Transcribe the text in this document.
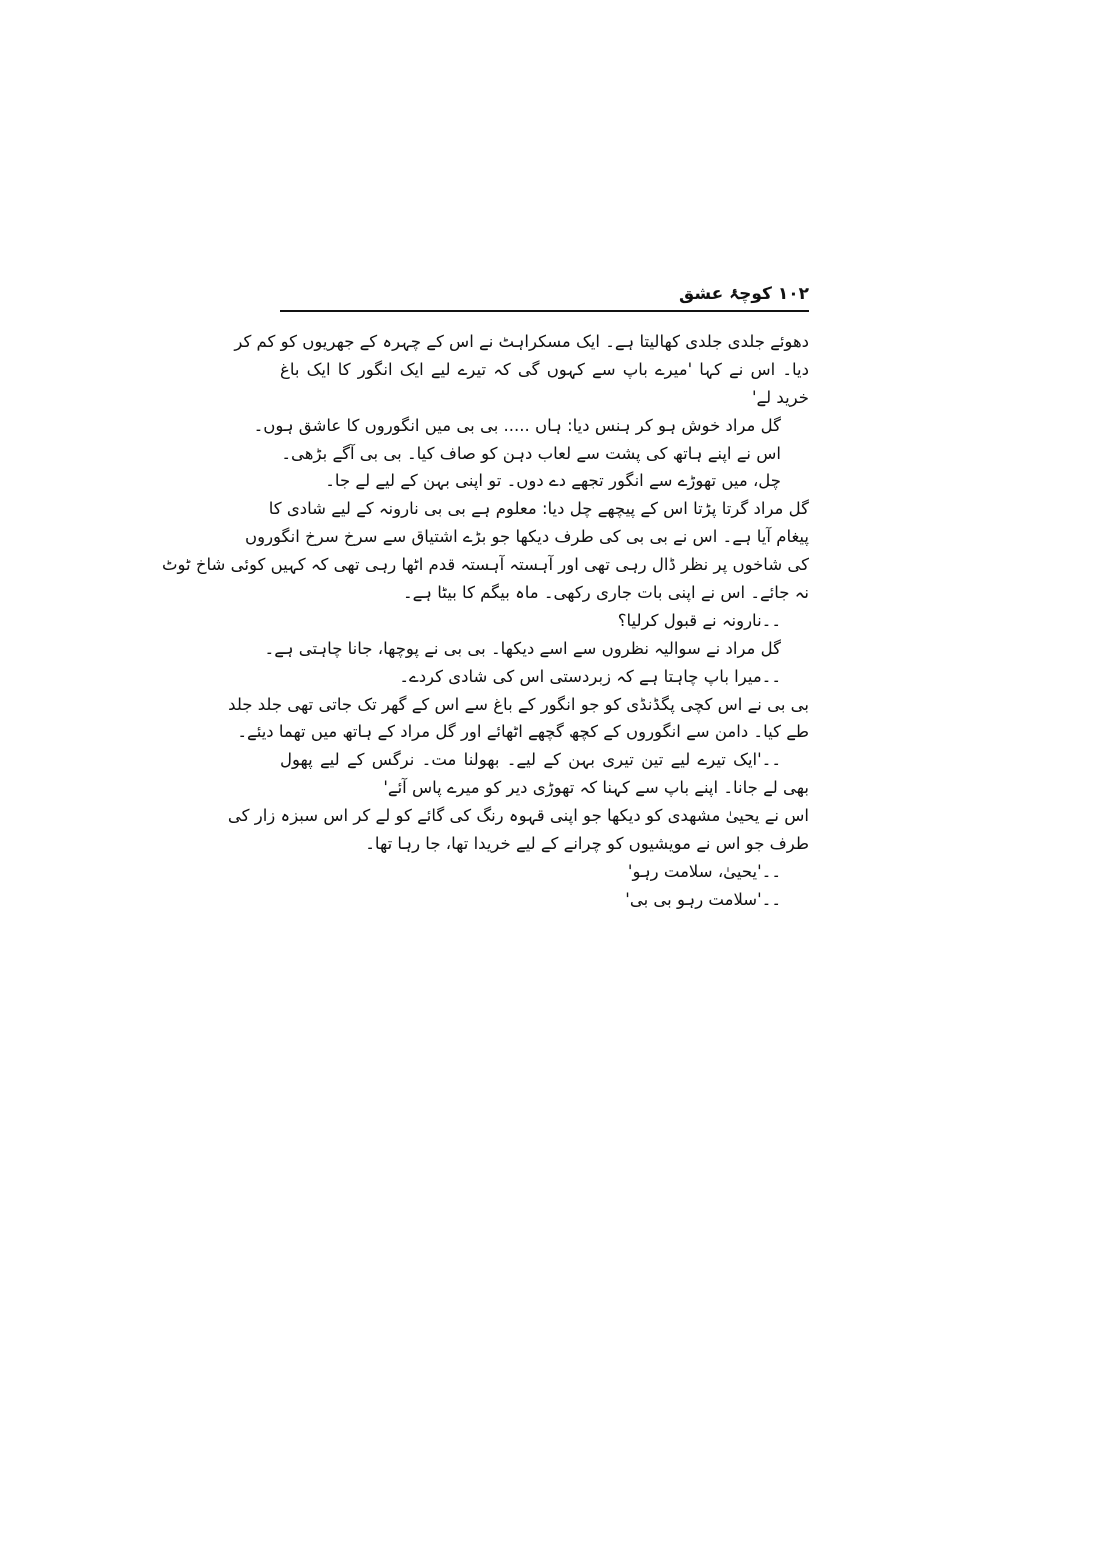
۱۰۲ کوچۂ عشق
دھوئے جلدی جلدی کھالیتا ہے۔ ایک مسکراہٹ نے اس کے چہرہ کے جھریوں کو کم کر
دیا۔ اس نے کہا 'میرے باپ سے کہوں گی کہ تیرے لیے ایک انگور کا ایک باغ
خرید لے'
گل مراد خوش ہو کر ہنس دیا: ہاں ..... بی بی میں انگوروں کا عاشق ہوں۔
اس نے اپنے ہاتھ کی پشت سے لعاب دہن کو صاف کیا۔ بی بی آگے بڑھی۔
چل، میں تھوڑے سے انگور تجھے دے دوں۔ تو اپنی بہن کے لیے لے جا۔
گل مراد گرتا پڑتا اس کے پیچھے چل دیا: معلوم ہے بی بی نارونہ کے لیے شادی کا
پیغام آیا ہے۔ اس نے بی بی کی طرف دیکھا جو بڑے اشتیاق سے سرخ سرخ انگوروں
کی شاخوں پر نظر ڈال رہی تھی اور آہستہ آہستہ قدم اٹھا رہی تھی کہ کہیں کوئی شاخ ٹوٹ
نہ جائے۔ اس نے اپنی بات جاری رکھی۔ ماہ بیگم کا بیٹا ہے۔
۔۔نارونہ نے قبول کرلیا؟
گل مراد نے سوالیہ نظروں سے اسے دیکھا۔ بی بی نے پوچھا، جانا چاہتی ہے۔
۔۔میرا باپ چاہتا ہے کہ زبردستی اس کی شادی کردے۔
بی بی نے اس کچی پگڈنڈی کو جو انگور کے باغ سے اس کے گھر تک جاتی تھی جلد جلد
طے کیا۔ دامن سے انگوروں کے کچھ گچھے اٹھائے اور گل مراد کے ہاتھ میں تھما دیئے۔
۔۔'ایک تیرے لیے تین تیری بہن کے لیے۔ بھولنا مت۔ نرگس کے لیے پھول
بھی لے جانا۔ اپنے باپ سے کہنا کہ تھوڑی دیر کو میرے پاس آئے'
اس نے یحییٰ مشھدی کو دیکھا جو اپنی قہوہ رنگ کی گائے کو لے کر اس سبزہ زار کی
طرف جو اس نے مویشیوں کو چرانے کے لیے خریدا تھا، جا رہا تھا۔
۔۔'یحییٰ، سلامت رہو'
۔۔'سلامت رہو بی بی'
